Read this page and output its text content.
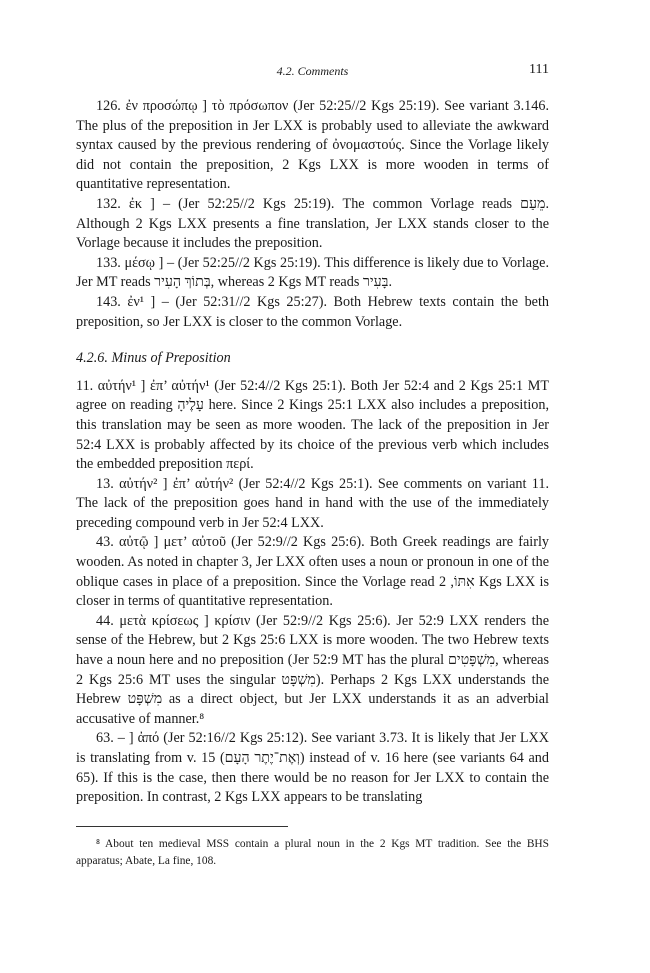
4.2. Comments	111

126. ἐν προσώπῳ ] τὸ πρόσωπον (Jer 52:25//2 Kgs 25:19). See variant 3.146. The plus of the preposition in Jer LXX is probably used to alleviate the awkward syntax caused by the previous rendering of ὀνομαστούς. Since the Vorlage likely did not contain the preposition, 2 Kgs LXX is more wooden in terms of quantitative representation.

132. ἐκ ] – (Jer 52:25//2 Kgs 25:19). The common Vorlage reads מֵעַם. Although 2 Kgs LXX presents a fine translation, Jer LXX stands closer to the Vorlage because it includes the preposition.

133. μέσῳ ] – (Jer 52:25//2 Kgs 25:19). This difference is likely due to Vorlage. Jer MT reads בְּתוֹךְ הָעִיר, whereas 2 Kgs MT reads בָּעִיר.

143. ἐν¹ ] – (Jer 52:31//2 Kgs 25:27). Both Hebrew texts contain the beth preposition, so Jer LXX is closer to the common Vorlage.

4.2.6. Minus of Preposition

11. αὐτήν¹ ] ἐπ’ αὐτήν¹ (Jer 52:4//2 Kgs 25:1). Both Jer 52:4 and 2 Kgs 25:1 MT agree on reading עָלֶיהָ here. Since 2 Kings 25:1 LXX also includes a preposition, this translation may be seen as more wooden. The lack of the preposition in Jer 52:4 LXX is probably affected by its choice of the previous verb which includes the embedded preposition περί.

13. αὐτήν² ] ἐπ’ αὐτήν² (Jer 52:4//2 Kgs 25:1). See comments on variant 11. The lack of the preposition goes hand in hand with the use of the immediately preceding compound verb in Jer 52:4 LXX.

43. αὐτῷ ] μετ’ αὐτοῦ (Jer 52:9//2 Kgs 25:6). Both Greek readings are fairly wooden. As noted in chapter 3, Jer LXX often uses a noun or pronoun in one of the oblique cases in place of a preposition. Since the Vorlage read אִתּוֹ, 2 Kgs LXX is closer in terms of quantitative representation.

44. μετὰ κρίσεως ] κρίσιν (Jer 52:9//2 Kgs 25:6). Jer 52:9 LXX renders the sense of the Hebrew, but 2 Kgs 25:6 LXX is more wooden. The two Hebrew texts have a noun here and no preposition (Jer 52:9 MT has the plural מִשְׁפָּטִים, whereas 2 Kgs 25:6 MT uses the singular מִשְׁפָּט). Perhaps 2 Kgs LXX understands the Hebrew מִשְׁפָּט as a direct object, but Jer LXX understands it as an adverbial accusative of manner.⁸

63. – ] ἀπό (Jer 52:16//2 Kgs 25:12). See variant 3.73. It is likely that Jer LXX is translating from v. 15 (וְאֶת־יֶתֶר הָעָם) instead of v. 16 here (see variants 64 and 65). If this is the case, then there would be no reason for Jer LXX to contain the preposition. In contrast, 2 Kgs LXX appears to be translating

⁸ About ten medieval MSS contain a plural noun in the 2 Kgs MT tradition. See the BHS apparatus; Abate, La fine, 108.
